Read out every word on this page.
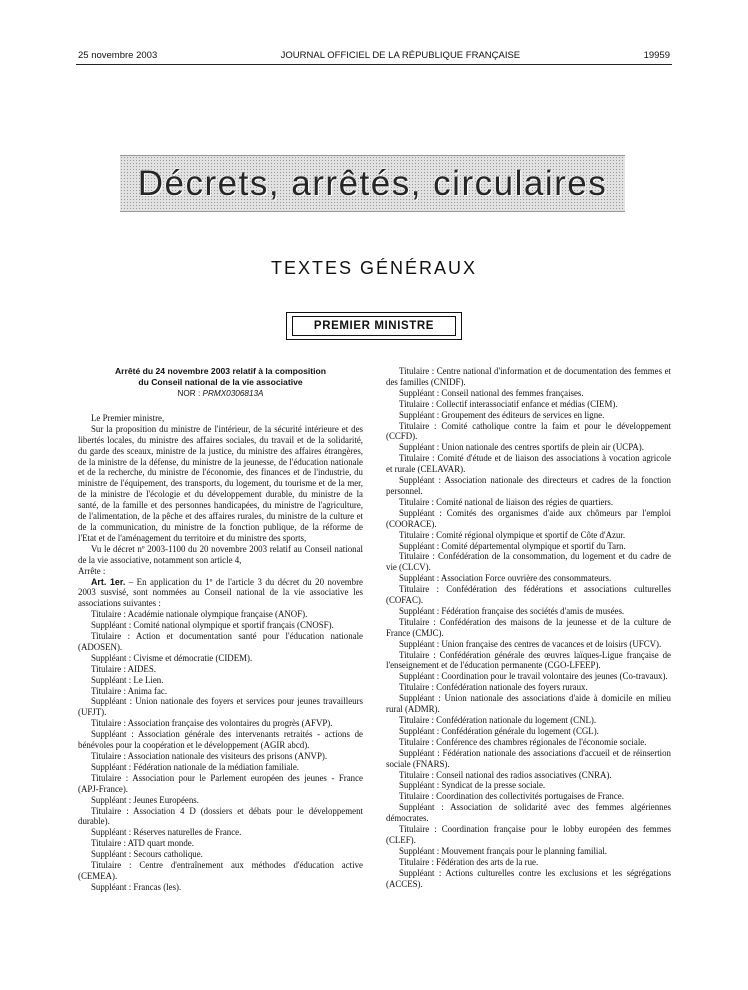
25 novembre 2003	JOURNAL OFFICIEL DE LA RÉPUBLIQUE FRANÇAISE	19959
Décrets, arrêtés, circulaires
TEXTES GÉNÉRAUX
PREMIER MINISTRE
Arrêté du 24 novembre 2003 relatif à la composition
du Conseil national de la vie associative
NOR : PRMX0306813A

Le Premier ministre,

Sur la proposition du ministre de l'intérieur, de la sécurité intérieure et des libertés locales, du ministre des affaires sociales, du travail et de la solidarité, du garde des sceaux, ministre de la justice, du ministre des affaires étrangères, de la ministre de la défense, du ministre de la jeunesse, de l'éducation nationale et de la recherche, du ministre de l'économie, des finances et de l'industrie, du ministre de l'équipement, des transports, du logement, du tourisme et de la mer, de la ministre de l'écologie et du développement durable, du ministre de la santé, de la famille et des personnes handicapées, du ministre de l'agriculture, de l'alimentation, de la pêche et des affaires rurales, du ministre de la culture et de la communication, du ministre de la fonction publique, de la réforme de l'Etat et de l'aménagement du territoire et du ministre des sports,

Vu le décret nº 2003-1100 du 20 novembre 2003 relatif au Conseil national de la vie associative, notamment son article 4,

Arrête :

Art. 1er. – En application du 1º de l'article 3 du décret du 20 novembre 2003 susvisé, sont nommées au Conseil national de la vie associative les associations suivantes :

Titulaire : Académie nationale olympique française (ANOF).

Suppléant : Comité national olympique et sportif français (CNOSF).

Titulaire : Action et documentation santé pour l'éducation nationale (ADOSEN).

Suppléant : Civisme et démocratie (CIDEM).

Titulaire : AIDES.

Suppléant : Le Lien.

Titulaire : Anima fac.

Suppléant : Union nationale des foyers et services pour jeunes travailleurs (UFJT).

Titulaire : Association française des volontaires du progrès (AFVP).

Suppléant : Association générale des intervenants retraités - actions de bénévoles pour la coopération et le développement (AGIR abcd).

Titulaire : Association nationale des visiteurs des prisons (ANVP).

Suppléant : Fédération nationale de la médiation familiale.

Titulaire : Association pour le Parlement européen des jeunes - France (APJ-France).

Suppléant : Jeunes Européens.

Titulaire : Association 4 D (dossiers et débats pour le développement durable).

Suppléant : Réserves naturelles de France.

Titulaire : ATD quart monde.

Suppléant : Secours catholique.

Titulaire : Centre d'entraînement aux méthodes d'éducation active (CEMEA).

Suppléant : Francas (les).

Titulaire : Centre national d'information et de documentation des femmes et des familles (CNIDF).

Suppléant : Conseil national des femmes françaises.

Titulaire : Collectif interassociatif enfance et médias (CIEM).

Suppléant : Groupement des éditeurs de services en ligne.

Titulaire : Comité catholique contre la faim et pour le développement (CCFD).

Suppléant : Union nationale des centres sportifs de plein air (UCPA).

Titulaire : Comité d'étude et de liaison des associations à vocation agricole et rurale (CELAVAR).

Suppléant : Association nationale des directeurs et cadres de la fonction personnel.

Titulaire : Comité national de liaison des régies de quartiers.

Suppléant : Comités des organismes d'aide aux chômeurs par l'emploi (COORACE).

Titulaire : Comité régional olympique et sportif de Côte d'Azur.

Suppléant : Comité départemental olympique et sportif du Tarn.

Titulaire : Confédération de la consommation, du logement et du cadre de vie (CLCV).

Suppléant : Association Force ouvrière des consommateurs.

Titulaire : Confédération des fédérations et associations culturelles (COFAC).

Suppléant : Fédération française des sociétés d'amis de musées.

Titulaire : Confédération des maisons de la jeunesse et de la culture de France (CMJC).

Suppléant : Union française des centres de vacances et de loisirs (UFCV).

Titulaire : Confédération générale des œuvres laïques-Ligue française de l'enseignement et de l'éducation permanente (CGO-LFEEP).

Suppléant : Coordination pour le travail volontaire des jeunes (Co-travaux).

Titulaire : Confédération nationale des foyers ruraux.

Suppléant : Union nationale des associations d'aide à domicile en milieu rural (ADMR).

Titulaire : Confédération nationale du logement (CNL).

Suppléant : Confédération générale du logement (CGL).

Titulaire : Conférence des chambres régionales de l'économie sociale.

Suppléant : Fédération nationale des associations d'accueil et de réinsertion sociale (FNARS).

Titulaire : Conseil national des radios associatives (CNRA).

Suppléant : Syndicat de la presse sociale.

Titulaire : Coordination des collectivités portugaises de France.

Suppléant : Association de solidarité avec des femmes algériennes démocrates.

Titulaire : Coordination française pour le lobby européen des femmes (CLEF).

Suppléant : Mouvement français pour le planning familial.

Titulaire : Fédération des arts de la rue.

Suppléant : Actions culturelles contre les exclusions et les ségrégations (ACCES).
